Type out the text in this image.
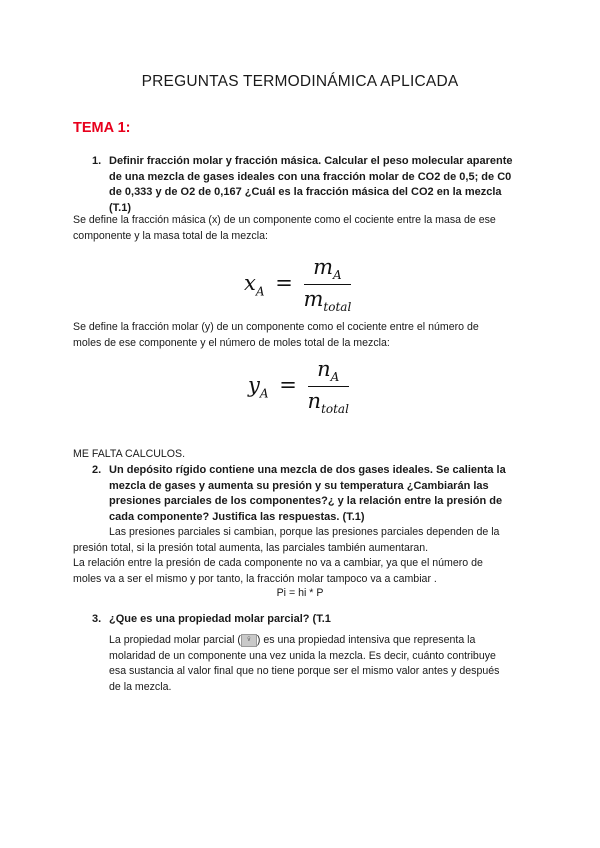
PREGUNTAS TERMODINÁMICA APLICADA
TEMA 1:
1. Definir fracción molar y fracción másica. Calcular el peso molecular aparente
de una mezcla de gases ideales con una fracción molar de CO2 de 0,5; de C0
de 0,333 y de O2 de 0,167 ¿Cuál es la fracción másica del CO2 en la mezcla
(T.1)
Se define la fracción másica (x) de un componente como el cociente entre la masa de ese
componente y la masa total de la mezcla:
$x_A = \frac{m_A}{m_{total}}$
Se define la fracción molar (y) de un componente como el cociente entre el número de
moles de ese componente y el número de moles total de la mezcla:
$y_A = \frac{n_A}{n_{total}}$
ME FALTA CALCULOS.
2. Un depósito rígido contiene una mezcla de dos gases ideales. Se calienta la
mezcla de gases y aumenta su presión y su temperatura ¿Cambiarán las
presiones parciales de los componentes?¿ y la relación entre la presión de
cada componente? Justifica las respuestas. (T.1)
Las presiones parciales si cambian, porque las presiones parciales dependen de la
presión total, si la presión total aumenta, las parciales también aumentaran.
La relación entre la presión de cada componente no va a cambiar, ya que el número de
moles va a ser el mismo y por tanto, la fracción molar tampoco va a cambiar .
Pi = hi * P
3. ¿Que es una propiedad molar parcial? (T.1
La propiedad molar parcial ( v̄ ) es una propiedad intensiva que representa la
molaridad de un componente una vez unida la mezcla. Es decir, cuánto contribuye
esa sustancia al valor final que no tiene porque ser el mismo valor antes y después
de la mezcla.
